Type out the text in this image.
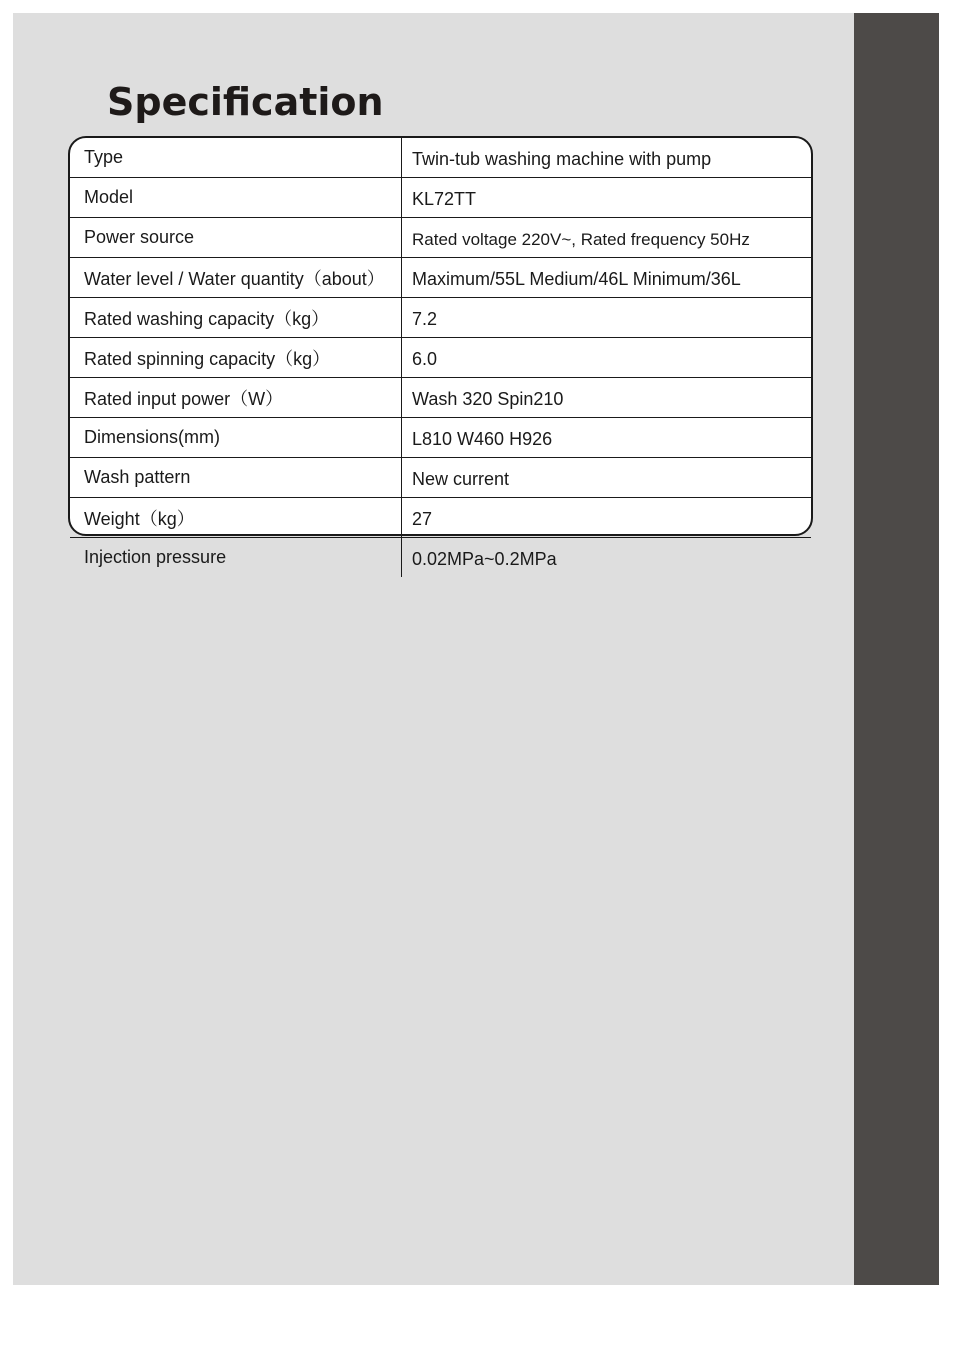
Specification
Type	Twin-tub washing machine with pump
Model	KL72TT
Power source	Rated voltage 220V~, Rated frequency 50Hz
Water level / Water quantity（about）	Maximum/55L Medium/46L Minimum/36L
Rated washing capacity（kg）	7.2
Rated spinning capacity（kg）	6.0
Rated input power（W）	Wash 320 Spin210
Dimensions(mm)	L810 W460 H926
Wash pattern	New current
Weight（kg）	27
Injection pressure	0.02MPa~0.2MPa
